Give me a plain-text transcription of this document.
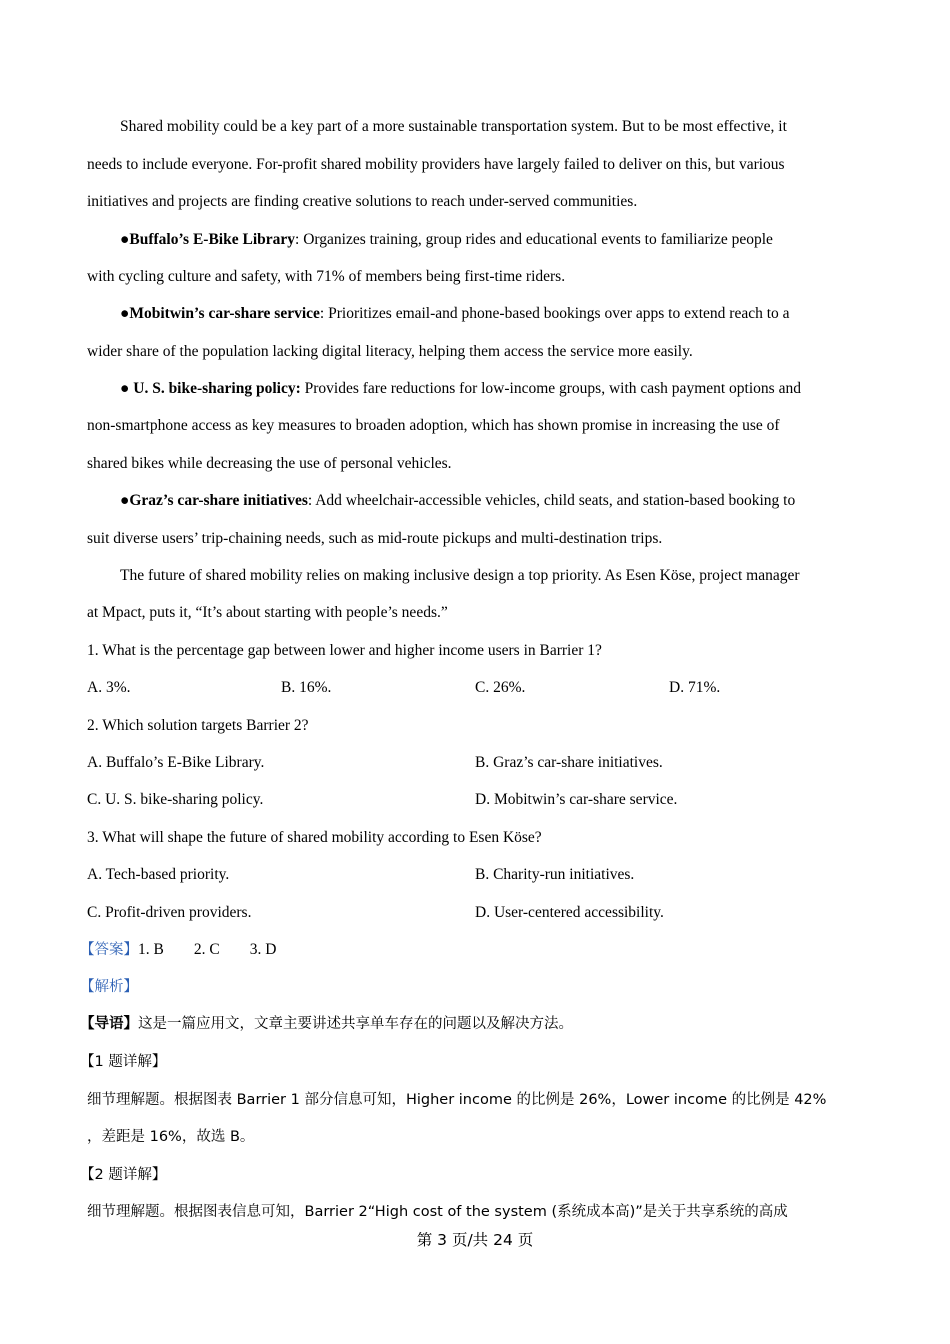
Shared mobility could be a key part of a more sustainable transportation system. But to be most effective, it
needs to include everyone. For-profit shared mobility providers have largely failed to deliver on this, but various
initiatives and projects are finding creative solutions to reach under-served communities.
●Buffalo’s E-Bike Library: Organizes training, group rides and educational events to familiarize people
with cycling culture and safety, with 71% of members being first-time riders.
●Mobitwin’s car-share service: Prioritizes email-and phone-based bookings over apps to extend reach to a
wider share of the population lacking digital literacy, helping them access the service more easily.
● U. S. bike-sharing policy: Provides fare reductions for low-income groups, with cash payment options and
non-smartphone access as key measures to broaden adoption, which has shown promise in increasing the use of
shared bikes while decreasing the use of personal vehicles.
●Graz’s car-share initiatives: Add wheelchair-accessible vehicles, child seats, and station-based booking to
suit diverse users’ trip-chaining needs, such as mid-route pickups and multi-destination trips.
The future of shared mobility relies on making inclusive design a top priority. As Esen Köse, project manager
at Mpact, puts it, “It’s about starting with people’s needs.”
1. What is the percentage gap between lower and higher income users in Barrier 1?
A. 3%.	B. 16%.	C. 26%.	D. 71%.
2. Which solution targets Barrier 2?
A. Buffalo’s E-Bike Library.	B. Graz’s car-share initiatives.
C. U. S. bike-sharing policy.	D. Mobitwin’s car-share service.
3. What will shape the future of shared mobility according to Esen Köse?
A. Tech-based priority.	B. Charity-run initiatives.
C. Profit-driven providers.	D. User-centered accessibility.
【答案】1. B 2. C 3. D
【解析】
【导语】这是一篇应用文，文章主要讲述共享单车存在的问题以及解决方法。
【1 题详解】
细节理解题。根据图表 Barrier 1 部分信息可知，Higher income 的比例是 26%，Lower income 的比例是 42%
，差距是 16%，故选 B。
【2 题详解】
细节理解题。根据图表信息可知，Barrier 2“High cost of the system (系统成本高)”是关于共享系统的高成
第 3 页/共 24 页
